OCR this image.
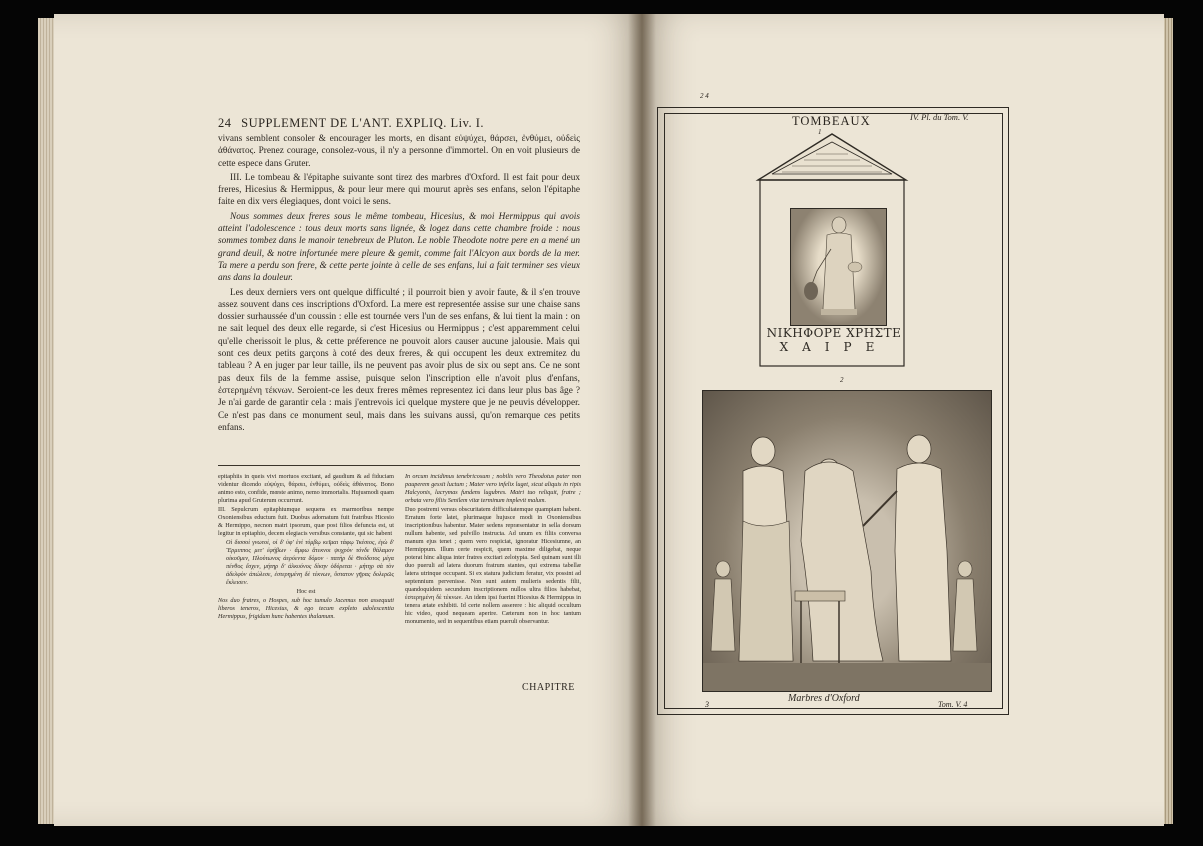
24 SUPPLEMENT DE L'ANT. EXPLIQ. Liv. I.

vivans semblent consoler & encourager les morts, en disant εὐψύχει, θάρσει, ἐνθύμει, οὐδεὶς ἀθάνατος. Prenez courage, consolez-vous, il n'y a personne d'immortel. On en voit plusieurs de cette espece dans Gruter.

III. Le tombeau & l'épitaphe suivante sont tirez des marbres d'Oxford. Il est fait pour deux freres, Hicesius & Hermippus, & pour leur mere qui mourut après ses enfans, selon l'épitaphe faite en dix vers élegiaques, dont voici le sens.

Nous sommes deux freres sous le même tombeau, Hicesius, & moi Hermippus qui avois atteint l'adolescence : tous deux morts sans lignée, & logez dans cette chambre froide : nous sommes tombez dans le manoir tenebreux de Pluton. Le noble Theodote notre pere en a mené un grand deuil, & notre infortunée mere pleure & gemit, comme fait l'Alcyon aux bords de la mer. Ta mere a perdu son frere, & cette perte jointe à celle de ses enfans, lui a fait terminer ses vieux ans dans la douleur.

Les deux derniers vers ont quelque difficulté ; il pourroit bien y avoir faute, & il s'en trouve assez souvent dans ces inscriptions d'Oxford. La mere est representée assise sur une chaise sans dossier surhaussée d'un coussin : elle est tournée vers l'un de ses enfans, & lui tient la main : on ne sait lequel des deux elle regarde, si c'est Hicesius ou Hermippus ; c'est apparemment celui qu'elle cherissoit le plus, & cette préference ne pouvoit alors causer aucune jalousie. Mais qui sont ces deux petits garçons à coté des deux freres, & qui occupent les deux extremitez du tableau ? A en juger par leur taille, ils ne peuvent pas avoir plus de six ou sept ans. Ce ne sont pas deux fils de la femme assise, puisque selon l'inscription elle n'avoit plus d'enfans, ἐστερημένη τέκνων. Seroient-ce les deux freres mêmes representez ici dans leur plus bas âge ? Je n'ai garde de garantir cela : mais j'entrevois ici quelque mystere que je ne peuvis développer. Ce n'est pas dans ce monument seul, mais dans les suivans aussi, qu'on remarque ces petits enfans.

epitaphiis in queis vivi mortuos excitant, ad gaudium & ad fiduciam videntur dicendo εὐψύχει, θάρσει, ἐνθύμει, οὐδεὶς ἀθάνατος. Bono animo esto, confide, mœste animo, nemo immortalis. Hujusmodi quam plurima apud Gruterum occurrunt.

III. Sepulcrum epitaphiumque sequens ex marmoribus nempe Oxoniensibus eductum fuit. Duobus adornatum fuit fratribus Hicesio & Hermippo, necnon matri ipsorum, quæ post filios defuncta est, ut legitur in epitaphio, decem elegiacis versibus constante, qui sic habent

Οἱ δισσοὶ γνωτοὶ, οἱ δ' ὑφ' ἑνὶ τύμβῳ κεῖμαι τάφῳ Ἱκέσιος, ἐγὼ δ' Ἕρμιππος μετ' ἐφήβων · ἄμφω ἄτεκνοι ψυχρὸν τόνδε θάλαμον οἰκοῦμεν, Πλούτωνος ἀερόεντα δόμον · πατὴρ δὲ Θεόδοτος μέγα πένθος ἔσχεν, μήτηρ δ' ἀλκυόνος δίκην ὀδύρεται · μήτηρ σὰ τὸν ἀδελφὸν ἀπώλεσε, ἐστερημένη δὲ τέκνων, ὕστατον γῆρας δολερῶς ἔκλεισεν.

Hoc est

Nos duo fratres, o Hospes, sub hoc tumulo Jacemus non assequuti liberos teneros, Hicesius, & ego tecum expleto adolescentia Hermippus, frigidum hunc habentes thalamum.

In orcum incidimus tenebricosum ; nobilis vero Theodotus pater non pauperem gessit luctum ; Mater vero infelix luget, sicut aliquis in ripis Halcyonis, lacrymas fundens lugubres. Matri tuo reliquit, fratre ; orbata vero filiis Senilem vitæ terminum implevit malum.

Duo postremi versus obscuritatem difficultatemque quampiam habent. Erratum forte latet, plurimaque hujusce modi in Oxoniensibus inscriptionibus habentur. Mater sedens repræsentatur in sella dorsum nullum habente, sed pulvillo instructa. Ad unum ex filiis conversa manum ejus tenet ; quem vero respiciat, ignoratur Hicesiumne, an Hermippum. Illum certe respicit, quem maxime diligebat, neque poterat hinc aliqua inter fratres excitari zelotypia. Sed quinam sunt illi duo pueruli ad latera duorum fratrum stantes, qui extrema tabellæ latera utrinque occupant. Si ex statura judicium feratur, vix possint ad septennium pervenisse. Non sunt autem mulieris sedentis filii, quandoquidem secundum inscriptionem nullos ultra filios habebat, ἐστερημένη δὲ τέκνων. An idem ipsi fuerint Hicesius & Hermippus in tenera ætate exhibiti. Id certe nollem asserere : hic aliquid occultum hic video, quod nequeam aperire. Cæterum non in hoc tantum monumento, sed in sequentibus etiam pueruli observantur.

CHAPITRE
2 4
TOMBEAUX	IV. Pl. du Tom. V.
1
ΝΙΚΗΦΟΡΕ ΧΡΗΣΤΕ
ΧΑΙΡΕ
2
Marbres d'Oxford
3	Tom. V. 4
